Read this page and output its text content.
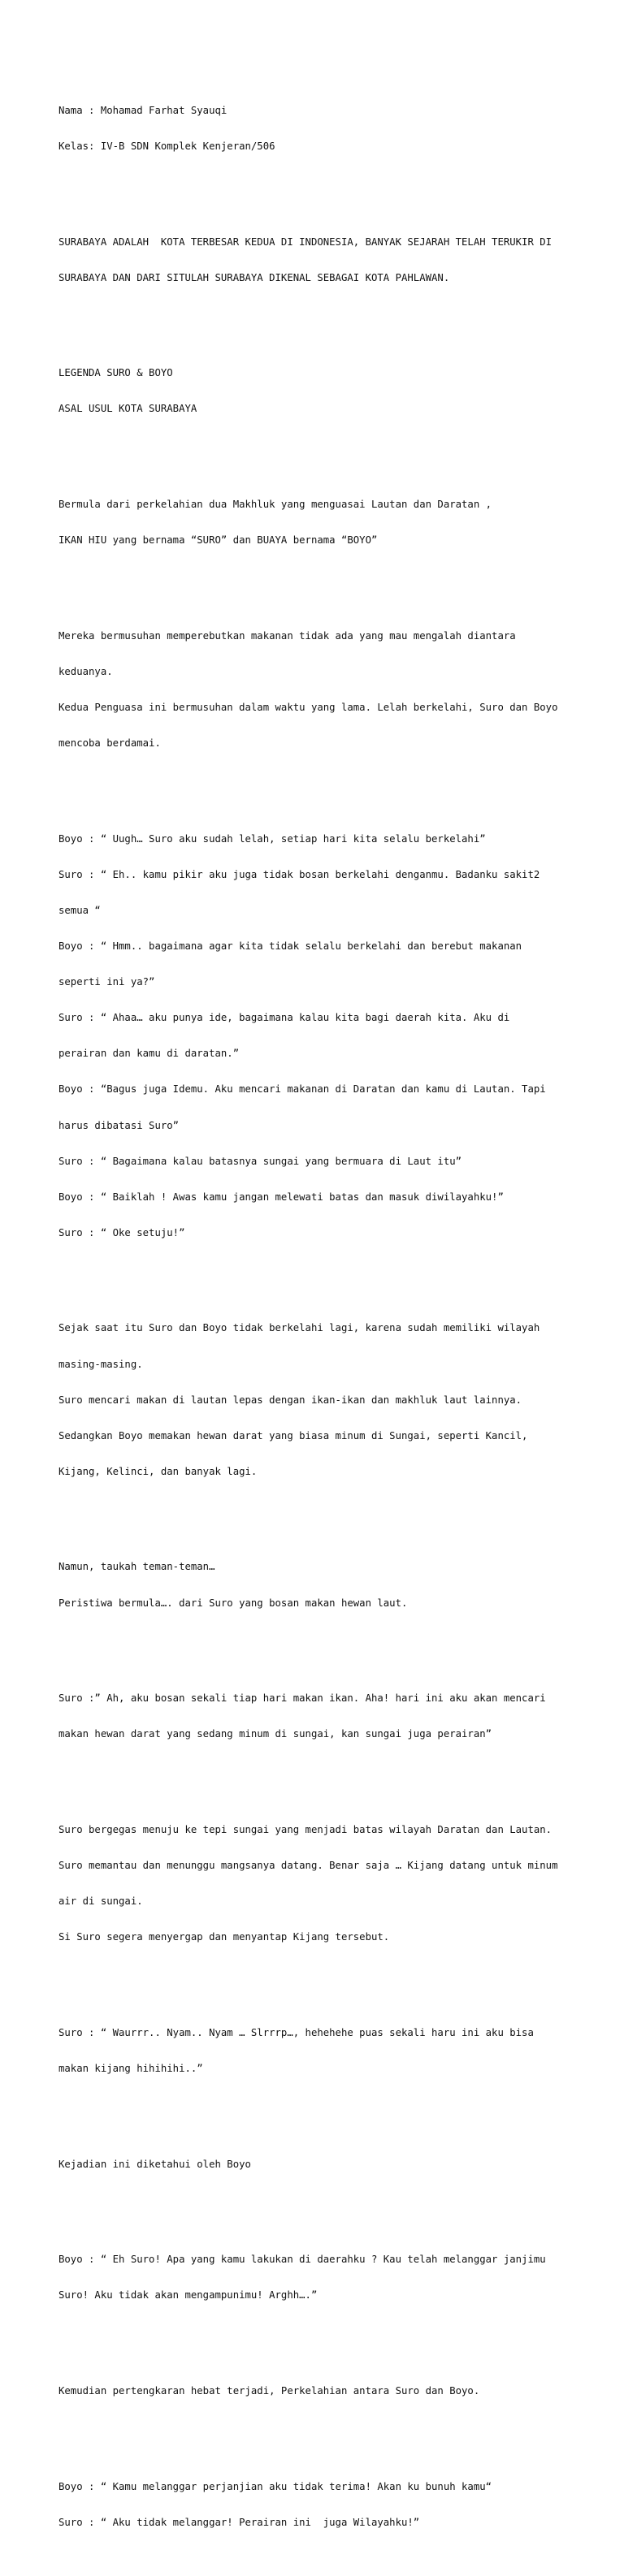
Nama : Mohamad Farhat Syauqi

Kelas: IV-B SDN Komplek Kenjeran/506

SURABAYA ADALAH  KOTA TERBESAR KEDUA DI INDONESIA, BANYAK SEJARAH TELAH TERUKIR DI

SURABAYA DAN DARI SITULAH SURABAYA DIKENAL SEBAGAI KOTA PAHLAWAN.

LEGENDA SURO & BOYO

ASAL USUL KOTA SURABAYA

Bermula dari perkelahian dua Makhluk yang menguasai Lautan dan Daratan ,

IKAN HIU yang bernama “SURO” dan BUAYA bernama “BOYO”

Mereka bermusuhan memperebutkan makanan tidak ada yang mau mengalah diantara

keduanya.

Kedua Penguasa ini bermusuhan dalam waktu yang lama. Lelah berkelahi, Suro dan Boyo

mencoba berdamai.

Boyo : “ Uugh… Suro aku sudah lelah, setiap hari kita selalu berkelahi”

Suro : “ Eh.. kamu pikir aku juga tidak bosan berkelahi denganmu. Badanku sakit2

semua “

Boyo : “ Hmm.. bagaimana agar kita tidak selalu berkelahi dan berebut makanan

seperti ini ya?”

Suro : “ Ahaa… aku punya ide, bagaimana kalau kita bagi daerah kita. Aku di

perairan dan kamu di daratan.”

Boyo : “Bagus juga Idemu. Aku mencari makanan di Daratan dan kamu di Lautan. Tapi

harus dibatasi Suro”

Suro : “ Bagaimana kalau batasnya sungai yang bermuara di Laut itu”

Boyo : “ Baiklah ! Awas kamu jangan melewati batas dan masuk diwilayahku!”

Suro : “ Oke setuju!”

Sejak saat itu Suro dan Boyo tidak berkelahi lagi, karena sudah memiliki wilayah

masing-masing.

Suro mencari makan di lautan lepas dengan ikan-ikan dan makhluk laut lainnya.

Sedangkan Boyo memakan hewan darat yang biasa minum di Sungai, seperti Kancil,

Kijang, Kelinci, dan banyak lagi.

Namun, taukah teman-teman…

Peristiwa bermula…. dari Suro yang bosan makan hewan laut.

Suro :” Ah, aku bosan sekali tiap hari makan ikan. Aha! hari ini aku akan mencari

makan hewan darat yang sedang minum di sungai, kan sungai juga perairan”

Suro bergegas menuju ke tepi sungai yang menjadi batas wilayah Daratan dan Lautan.

Suro memantau dan menunggu mangsanya datang. Benar saja … Kijang datang untuk minum

air di sungai.

Si Suro segera menyergap dan menyantap Kijang tersebut.

Suro : “ Waurrr.. Nyam.. Nyam … Slrrrp…, hehehehe puas sekali haru ini aku bisa

makan kijang hihihihi..”

Kejadian ini diketahui oleh Boyo

Boyo : “ Eh Suro! Apa yang kamu lakukan di daerahku ? Kau telah melanggar janjimu

Suro! Aku tidak akan mengampunimu! Arghh….”

Kemudian pertengkaran hebat terjadi, Perkelahian antara Suro dan Boyo.

Boyo : “ Kamu melanggar perjanjian aku tidak terima! Akan ku bunuh kamu“

Suro : “ Aku tidak melanggar! Perairan ini  juga Wilayahku!”
